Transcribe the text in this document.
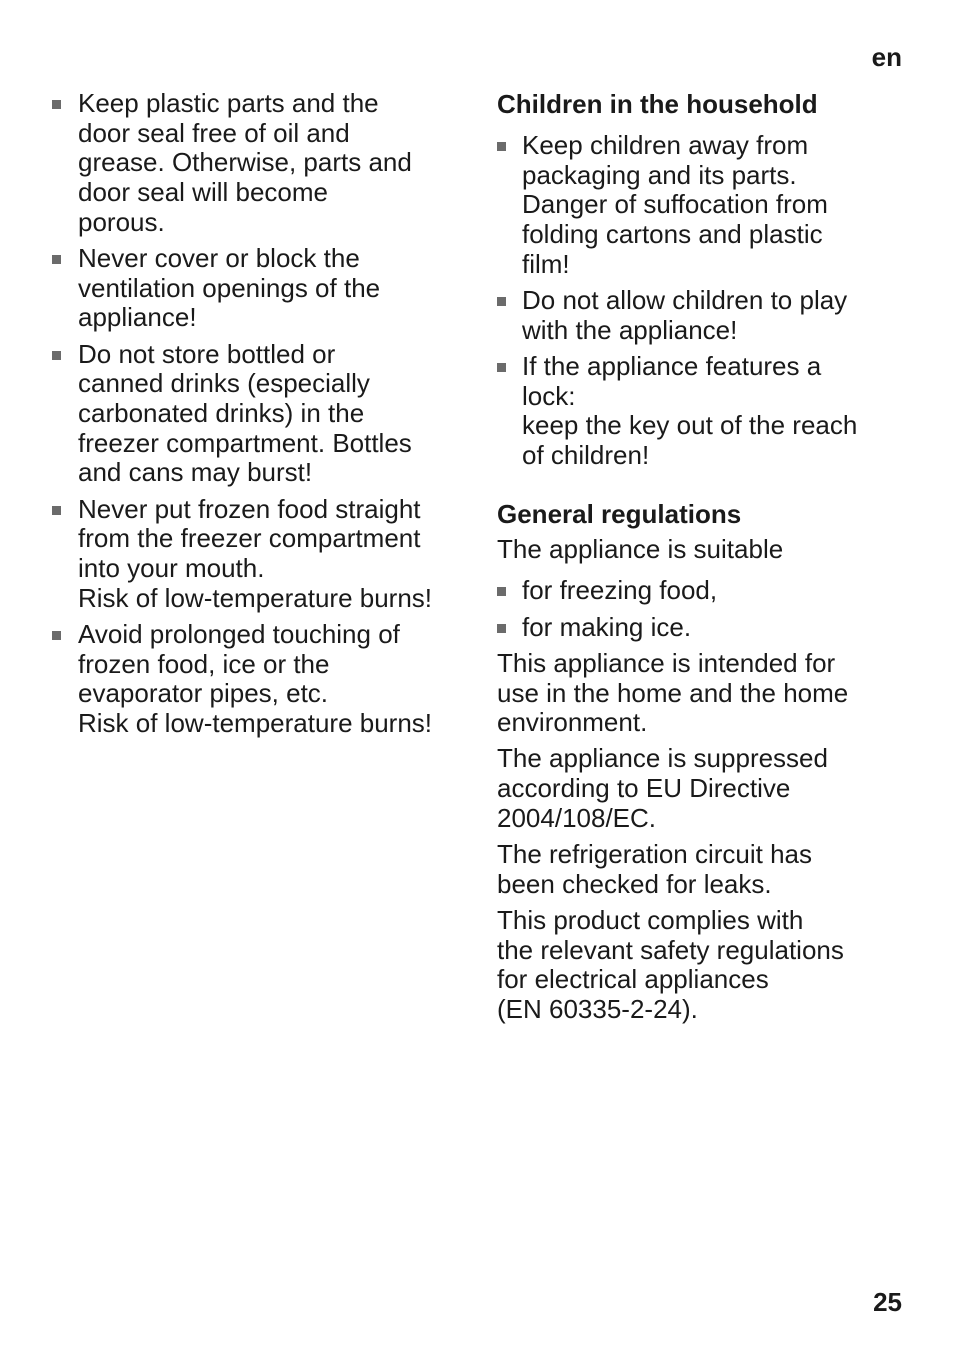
en
Keep plastic parts and the
door seal free of oil and
grease. Otherwise, parts and
door seal will become
porous.
Never cover or block the
ventilation openings of the
appliance!
Do not store bottled or
canned drinks (especially
carbonated drinks) in the
freezer compartment. Bottles
and cans may burst!
Never put frozen food straight
from the freezer compartment
into your mouth.
Risk of low-temperature burns!
Avoid prolonged touching of
frozen food, ice or the
evaporator pipes, etc.
Risk of low-temperature burns!
Children in the household
Keep children away from
packaging and its parts.
Danger of suffocation from
folding cartons and plastic
film!
Do not allow children to play
with the appliance!
If the appliance features a
lock:
keep the key out of the reach
of children!
General regulations
The appliance is suitable
for freezing food,
for making ice.
This appliance is intended for
use in the home and the home
environment.
The appliance is suppressed
according to EU Directive
2004/108/EC.
The refrigeration circuit has
been checked for leaks.
This product complies with
the relevant safety regulations
for electrical appliances
(EN 60335-2-24).
25
